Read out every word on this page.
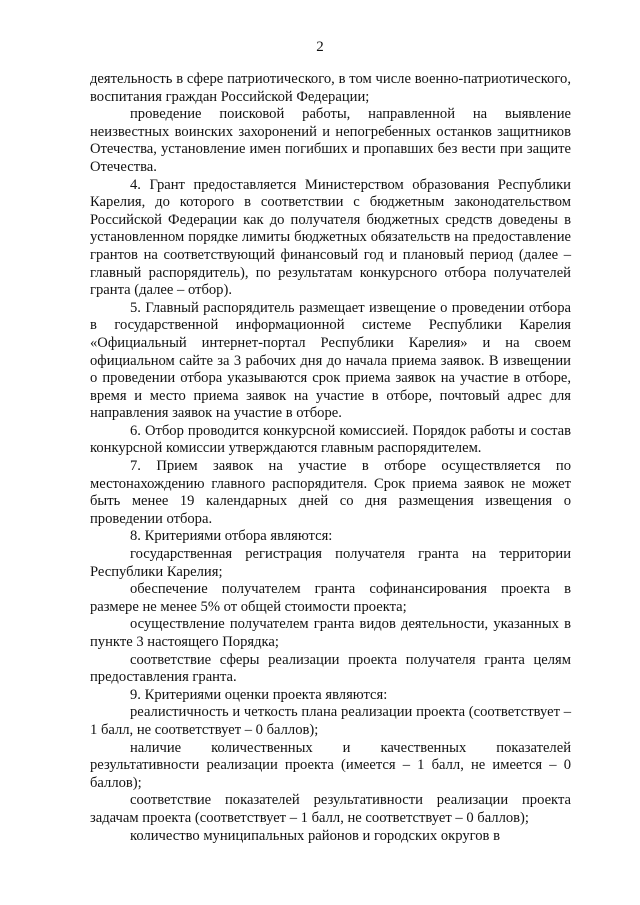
2

деятельность в сфере патриотического, в том числе военно-патриотического, воспитания граждан Российской Федерации;

проведение поисковой работы, направленной на выявление неизвестных воинских захоронений и непогребенных останков защитников Отечества, установление имен погибших и пропавших без вести при защите Отечества.

4. Грант предоставляется Министерством образования Республики Карелия, до которого в соответствии с бюджетным законодательством Российской Федерации как до получателя бюджетных средств доведены в установленном порядке лимиты бюджетных обязательств на предоставление грантов на соответствующий финансовый год и плановый период (далее – главный распорядитель), по результатам конкурсного отбора получателей гранта (далее – отбор).

5. Главный распорядитель размещает извещение о проведении отбора в государственной информационной системе Республики Карелия «Официальный интернет-портал Республики Карелия» и на своем официальном сайте за 3 рабочих дня до начала приема заявок. В извещении о проведении отбора указываются срок приема заявок на участие в отборе, время и место приема заявок на участие в отборе, почтовый адрес для направления заявок на участие в отборе.

6. Отбор проводится конкурсной комиссией. Порядок работы и состав конкурсной комиссии утверждаются главным распорядителем.

7. Прием заявок на участие в отборе осуществляется по местонахождению главного распорядителя. Срок приема заявок не может быть менее 19 календарных дней со дня размещения извещения о проведении отбора.

8. Критериями отбора являются:

государственная регистрация получателя гранта на территории Республики Карелия;

обеспечение получателем гранта софинансирования проекта в размере не менее 5% от общей стоимости проекта;

осуществление получателем гранта видов деятельности, указанных в пункте 3 настоящего Порядка;

соответствие сферы реализации проекта получателя гранта целям предоставления гранта.

9. Критериями оценки проекта являются:

реалистичность и четкость плана реализации проекта (соответствует – 1 балл, не соответствует – 0 баллов);

наличие количественных и качественных показателей результативности реализации проекта (имеется – 1 балл, не имеется – 0 баллов);

соответствие показателей результативности реализации проекта задачам проекта (соответствует – 1 балл, не соответствует – 0 баллов);

количество муниципальных районов и городских округов в
